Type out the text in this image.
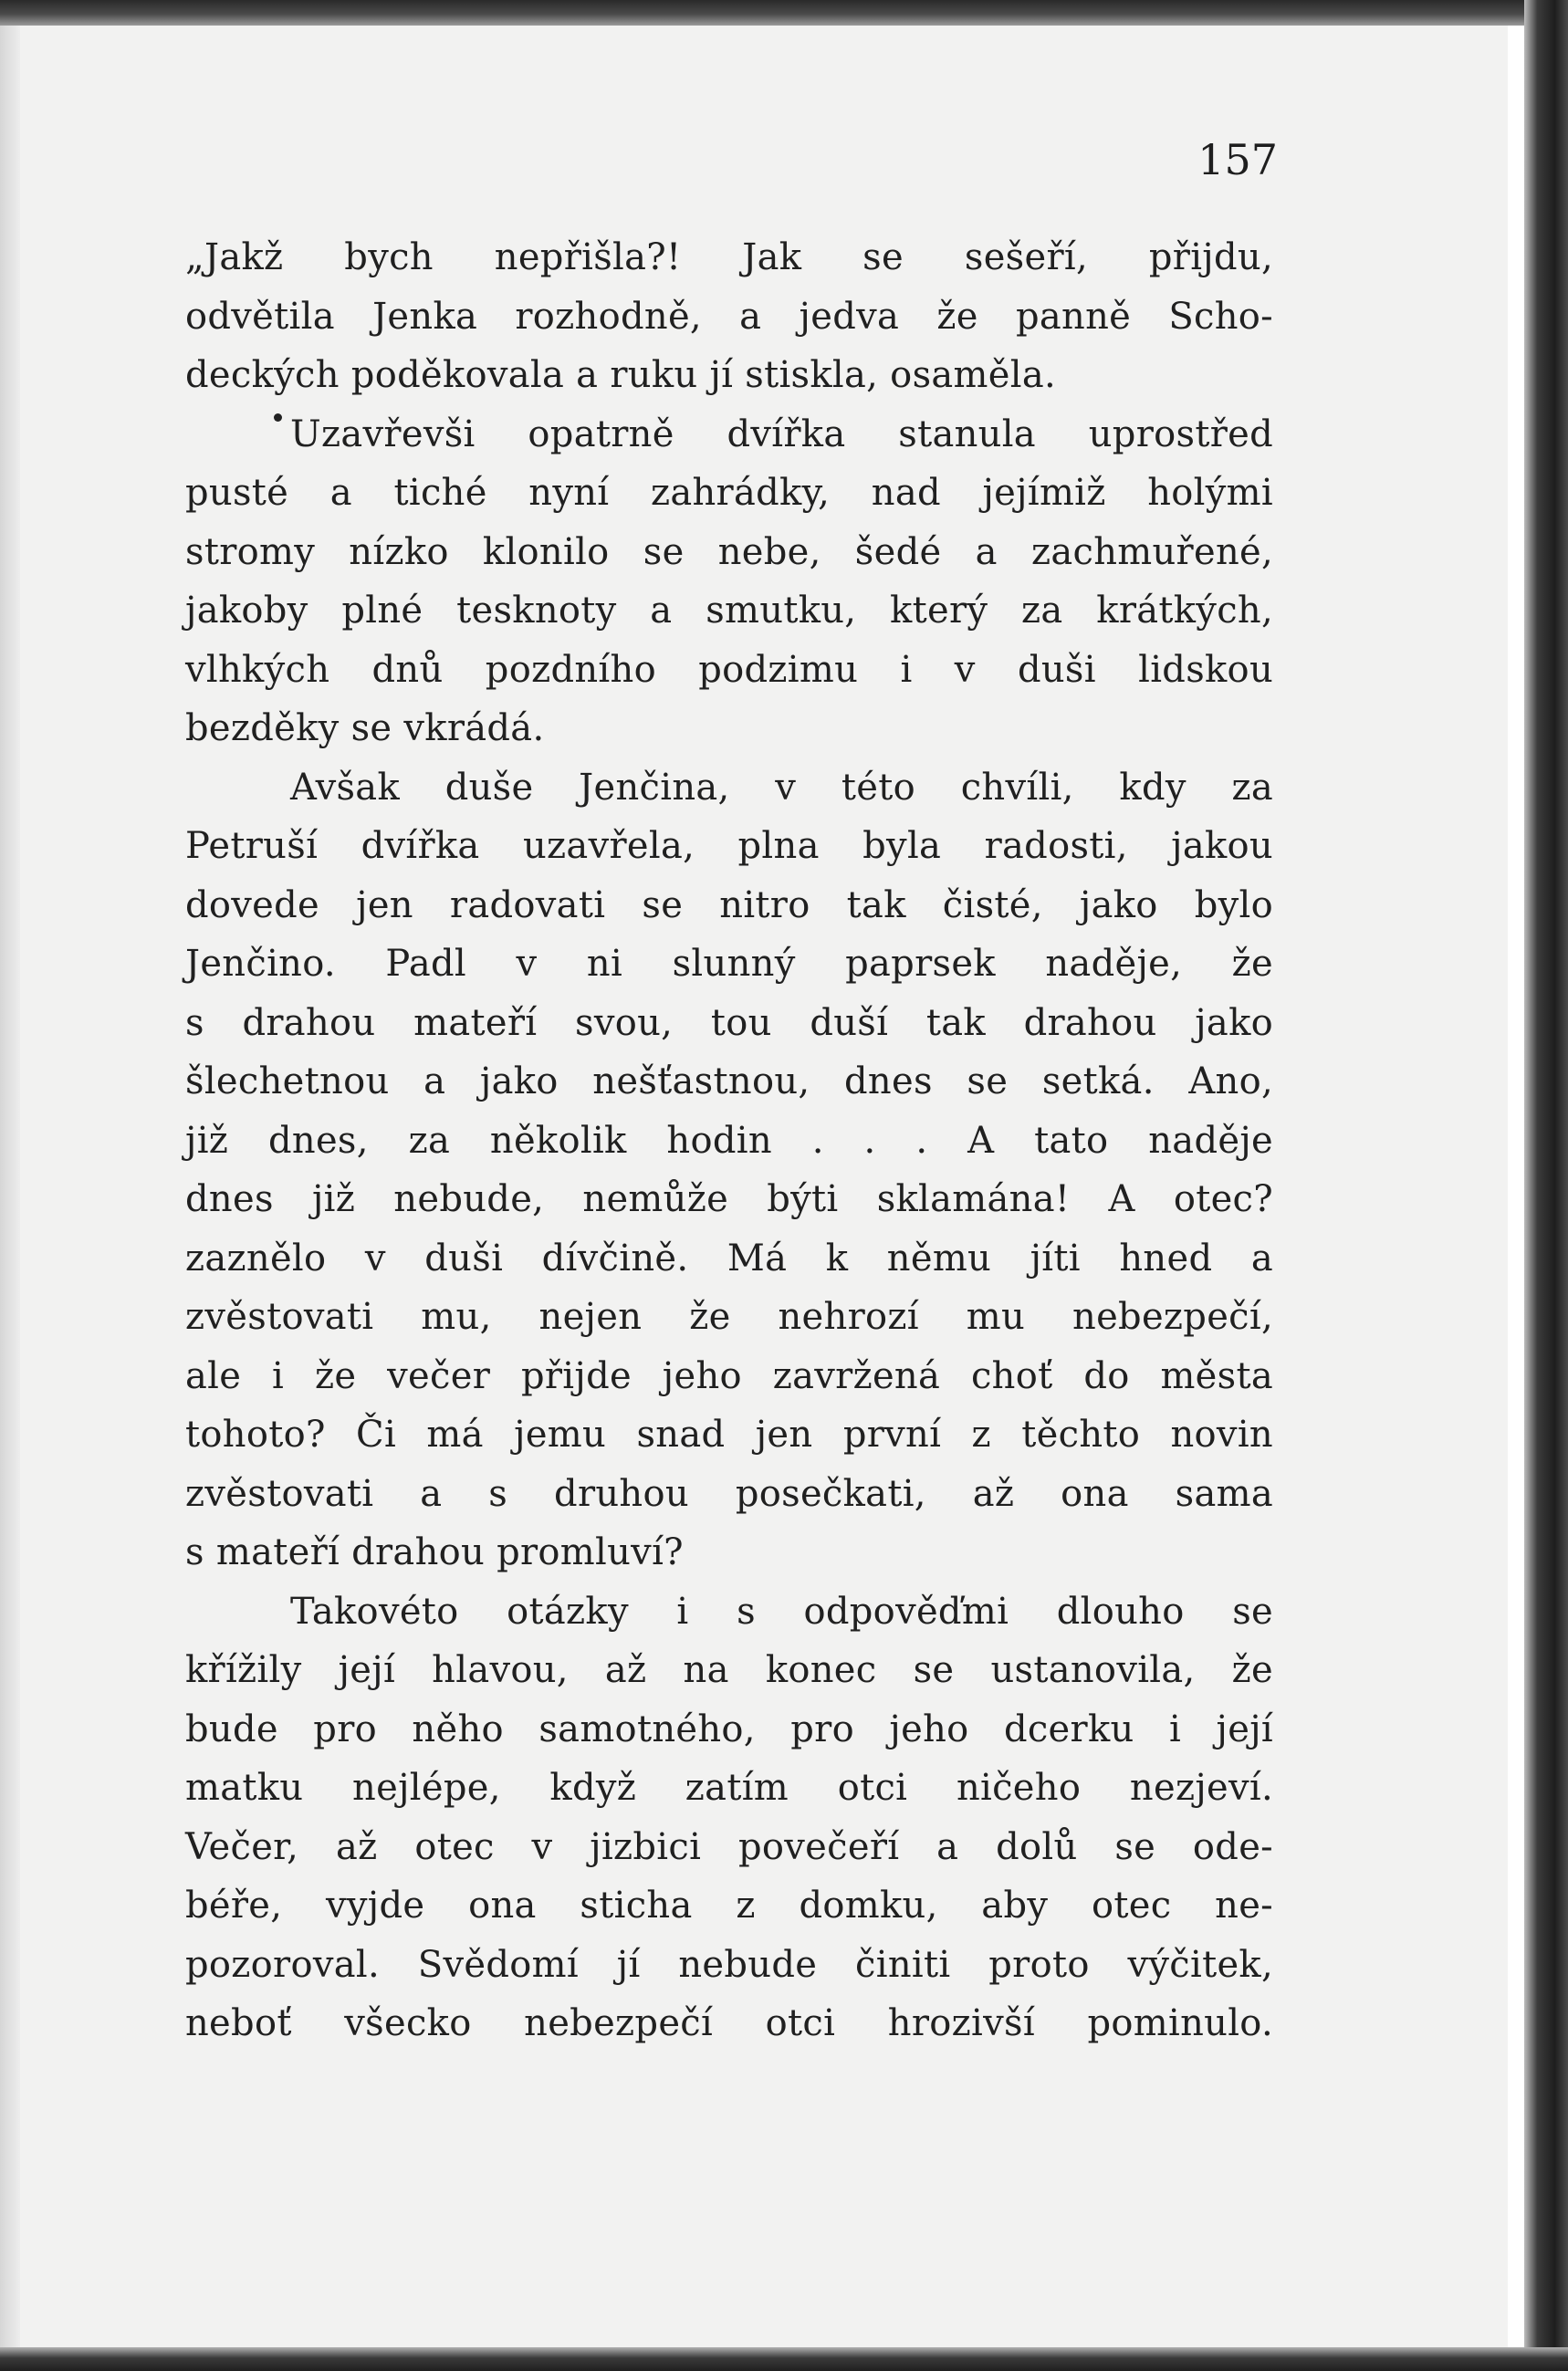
157

„Jakž bych nepřišla?! Jak se sešeří, přijdu,
odvětila Jenka rozhodně, a jedva že panně Scho-
deckých poděkovala a ruku jí stiskla, osaměla.
Uzavřevši opatrně dvířka stanula uprostřed
pusté a tiché nyní zahrádky, nad jejímiž holými
stromy nízko klonilo se nebe, šedé a zachmuřené,
jakoby plné tesknoty a smutku, který za krátkých,
vlhkých dnů pozdního podzimu i v duši lidskou
bezděky se vkrádá.
Avšak duše Jenčina, v této chvíli, kdy za
Petruší dvířka uzavřela, plna byla radosti, jakou
dovede jen radovati se nitro tak čisté, jako bylo
Jenčino. Padl v ni slunný paprsek naděje, že
s drahou mateří svou, tou duší tak drahou jako
šlechetnou a jako nešťastnou, dnes se setká. Ano,
již dnes, za několik hodin . . . A tato naděje
dnes již nebude, nemůže býti sklamána! A otec?
zaznělo v duši dívčině. Má k němu jíti hned a
zvěstovati mu, nejen že nehrozí mu nebezpečí,
ale i že večer přijde jeho zavržená choť do města
tohoto? Či má jemu snad jen první z těchto novin
zvěstovati a s druhou posečkati, až ona sama
s mateří drahou promluví?
Takovéto otázky i s odpověďmi dlouho se
křížily její hlavou, až na konec se ustanovila, že
bude pro něho samotného, pro jeho dcerku i její
matku nejlépe, když zatím otci ničeho nezjeví.
Večer, až otec v jizbici povečeří a dolů se ode-
béře, vyjde ona sticha z domku, aby otec ne-
pozoroval. Svědomí jí nebude činiti proto výčitek,
neboť všecko nebezpečí otci hrozivší pominulo.
